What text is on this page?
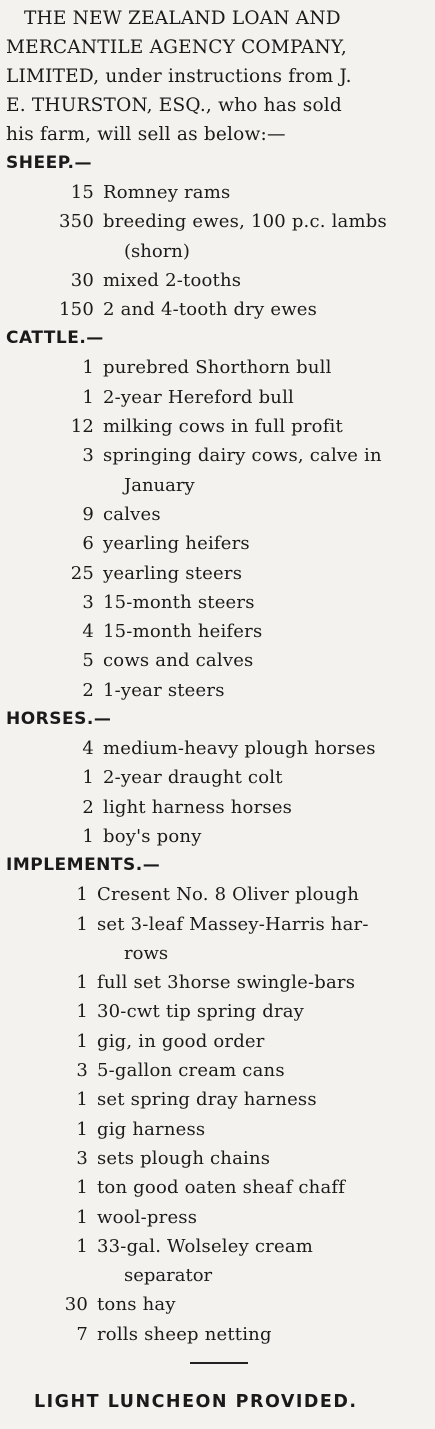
THE NEW ZEALAND LOAN AND
MERCANTILE AGENCY COMPANY,
LIMITED, under instructions from J.
E. THURSTON, ESQ., who has sold
his farm, will sell as below:—
SHEEP.—
15 Romney rams
350 breeding ewes, 100 p.c. lambs
(shorn)
30 mixed 2-tooths
150 2 and 4-tooth dry ewes
CATTLE.—
1 purebred Shorthorn bull
1 2-year Hereford bull
12 milking cows in full profit
3 springing dairy cows, calve in
January
9 calves
6 yearling heifers
25 yearling steers
3 15-month steers
4 15-month heifers
5 cows and calves
2 1-year steers
HORSES.—
4 medium-heavy plough horses
1 2-year draught colt
2 light harness horses
1 boy's pony
IMPLEMENTS.—
1 Cresent No. 8 Oliver plough
1 set 3-leaf Massey-Harris har-
rows
1 full set 3horse swingle-bars
1 30-cwt tip spring dray
1 gig, in good order
3 5-gallon cream cans
1 set spring dray harness
1 gig harness
3 sets plough chains
1 ton good oaten sheaf chaff
1 wool-press
1 33-gal. Wolseley cream
separator
30 tons hay
7 rolls sheep netting
LIGHT LUNCHEON PROVIDED.
